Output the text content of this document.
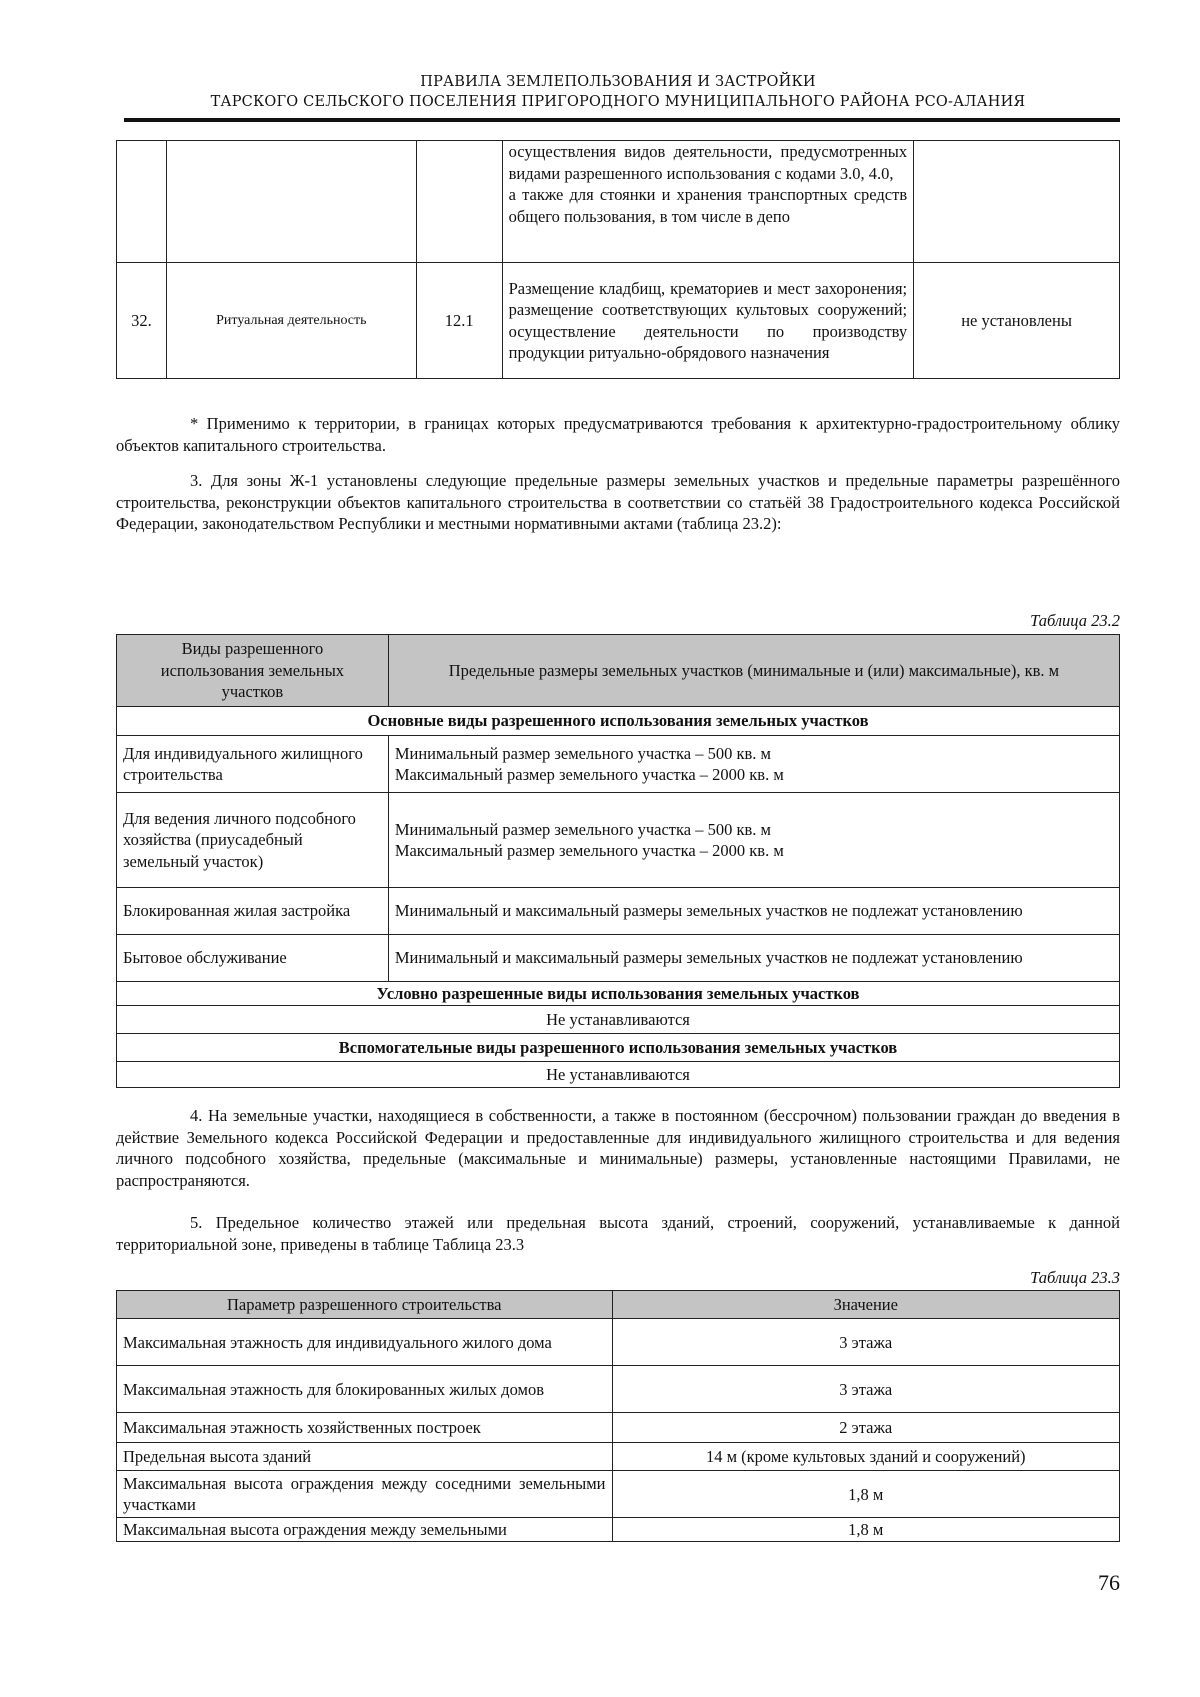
ПРАВИЛА ЗЕМЛЕПОЛЬЗОВАНИЯ И ЗАСТРОЙКИ
ТАРСКОГО СЕЛЬСКОГО ПОСЕЛЕНИЯ ПРИГОРОДНОГО МУНИЦИПАЛЬНОГО РАЙОНА РСО-АЛАНИЯ

			осуществления видов деятельности, предусмотренных видами разрешенного использования с кодами 3.0, 4.0,
а также для стоянки и хранения транспортных средств общего пользования, в том числе в депо	

32.	Ритуальная деятельность	12.1	Размещение кладбищ, крематориев и мест захоронения; размещение соответствующих культовых сооружений; осуществление деятельности по производству продукции ритуально-обрядового назначения	не установлены
* Применимо к территории, в границах которых предусматриваются требования к архитектурно-градостроительному облику объектов капитального строительства.
3. Для зоны Ж-1 установлены следующие предельные размеры земельных участков и предельные параметры разрешённого строительства, реконструкции объектов капитального строительства в соответствии со статьёй 38 Градостроительного кодекса Российской Федерации, законодательством Республики и местными нормативными актами (таблица 23.2):
Таблица 23.2
Виды разрешенного использования земельных участков	Предельные размеры земельных участков (минимальные и (или) максимальные), кв. м
Основные виды разрешенного использования земельных участков	
Для индивидуального жилищного строительства	Минимальный размер земельного участка – 500 кв. м
Максимальный размер земельного участка – 2000 кв. м

Для ведения личного подсобного хозяйства (приусадебный земельный участок)	Минимальный размер земельного участка – 500 кв. м
Максимальный размер земельного участка – 2000 кв. м

Блокированная жилая застройка	Минимальный и максимальный размеры земельных участков не подлежат установлению
Бытовое обслуживание	Минимальный и максимальный размеры земельных участков не подлежат установлению
Условно разрешенные виды использования земельных участков	
Не устанавливаются	
Вспомогательные виды разрешенного использования земельных участков	
Не устанавливаются	
4. На земельные участки, находящиеся в собственности, а также в постоянном (бессрочном) пользовании граждан до введения в действие Земельного кодекса Российской Федерации и предоставленные для индивидуального жилищного строительства и для ведения личного подсобного хозяйства, предельные (максимальные и минимальные) размеры, установленные настоящими Правилами, не распространяются.
5. Предельное количество этажей или предельная высота зданий, строений, сооружений, устанавливаемые к данной территориальной зоне, приведены в таблице Таблица 23.3
Таблица 23.3
Параметр разрешенного строительства	Значение
Максимальная этажность для индивидуального жилого дома	3 этажа
Максимальная этажность для блокированных жилых домов	3 этажа
Максимальная этажность хозяйственных построек	2 этажа
Предельная высота зданий	14 м (кроме культовых зданий и сооружений)
Максимальная высота ограждения между соседними земельными участками	1,8 м
Максимальная высота ограждения между земельными	1,8 м
76
